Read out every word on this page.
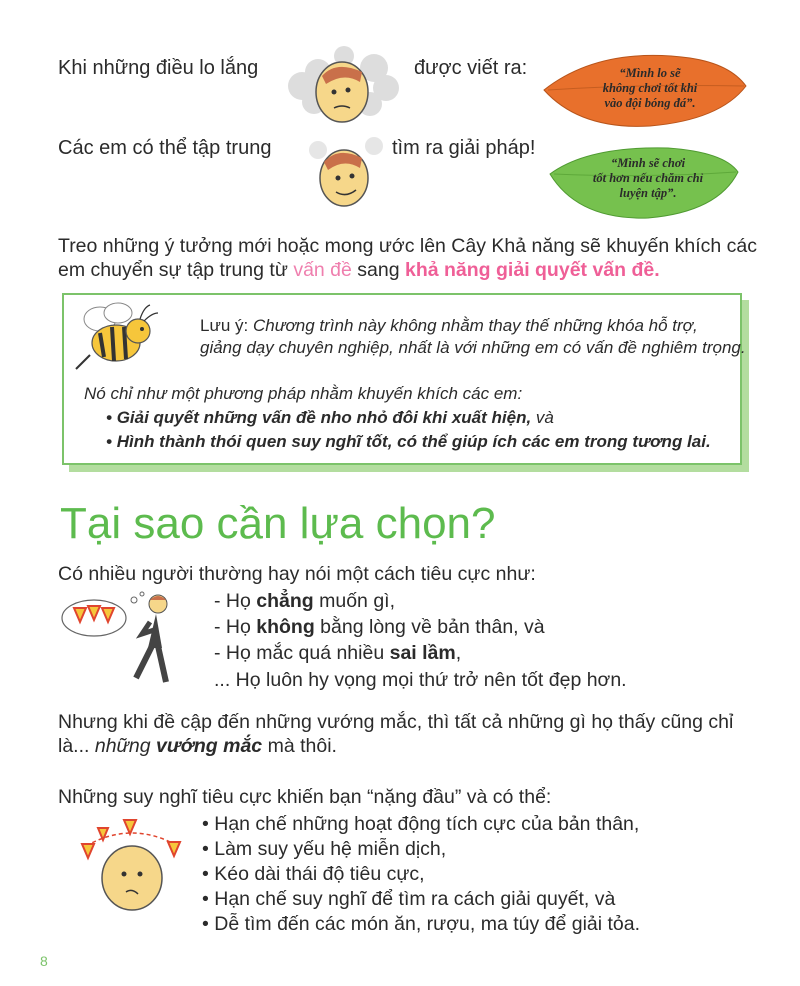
Khi những điều lo lắng	được viết ra:	“Mình lo sẽ
không chơi tốt khi
vào đội bóng đá”.
Các em có thể tập trung	tìm ra giải pháp!
“Mình sẽ chơi
tốt hơn nếu chăm chỉ
luyện tập”.
Treo những ý tưởng mới hoặc mong ước lên Cây Khả năng sẽ khuyến khích các
em chuyển sự tập trung từ vấn đề sang khả năng giải quyết vấn đề.
Lưu ý: Chương trình này không nhằm thay thế những khóa hỗ trợ,
giảng dạy chuyên nghiệp, nhất là với những em có vấn đề nghiêm trọng.
Nó chỉ như một phương pháp nhằm khuyến khích các em:
• Giải quyết những vấn đề nho nhỏ đôi khi xuất hiện, và
• Hình thành thói quen suy nghĩ tốt, có thể giúp ích các em trong tương lai.
Tại sao cần lựa chọn?
Có nhiều người thường hay nói một cách tiêu cực như:
- Họ chẳng muốn gì,
- Họ không bằng lòng về bản thân, và
- Họ mắc quá nhiều sai lầm,
... Họ luôn hy vọng mọi thứ trở nên tốt đẹp hơn.
Nhưng khi đề cập đến những vướng mắc, thì tất cả những gì họ thấy cũng chỉ
là... những vướng mắc mà thôi.
Những suy nghĩ tiêu cực khiến bạn “nặng đầu” và có thể:
• Hạn chế những hoạt động tích cực của bản thân,
• Làm suy yếu hệ miễn dịch,
• Kéo dài thái độ tiêu cực,
• Hạn chế suy nghĩ để tìm ra cách giải quyết, và
• Dễ tìm đến các món ăn, rượu, ma túy để giải tỏa.
8
